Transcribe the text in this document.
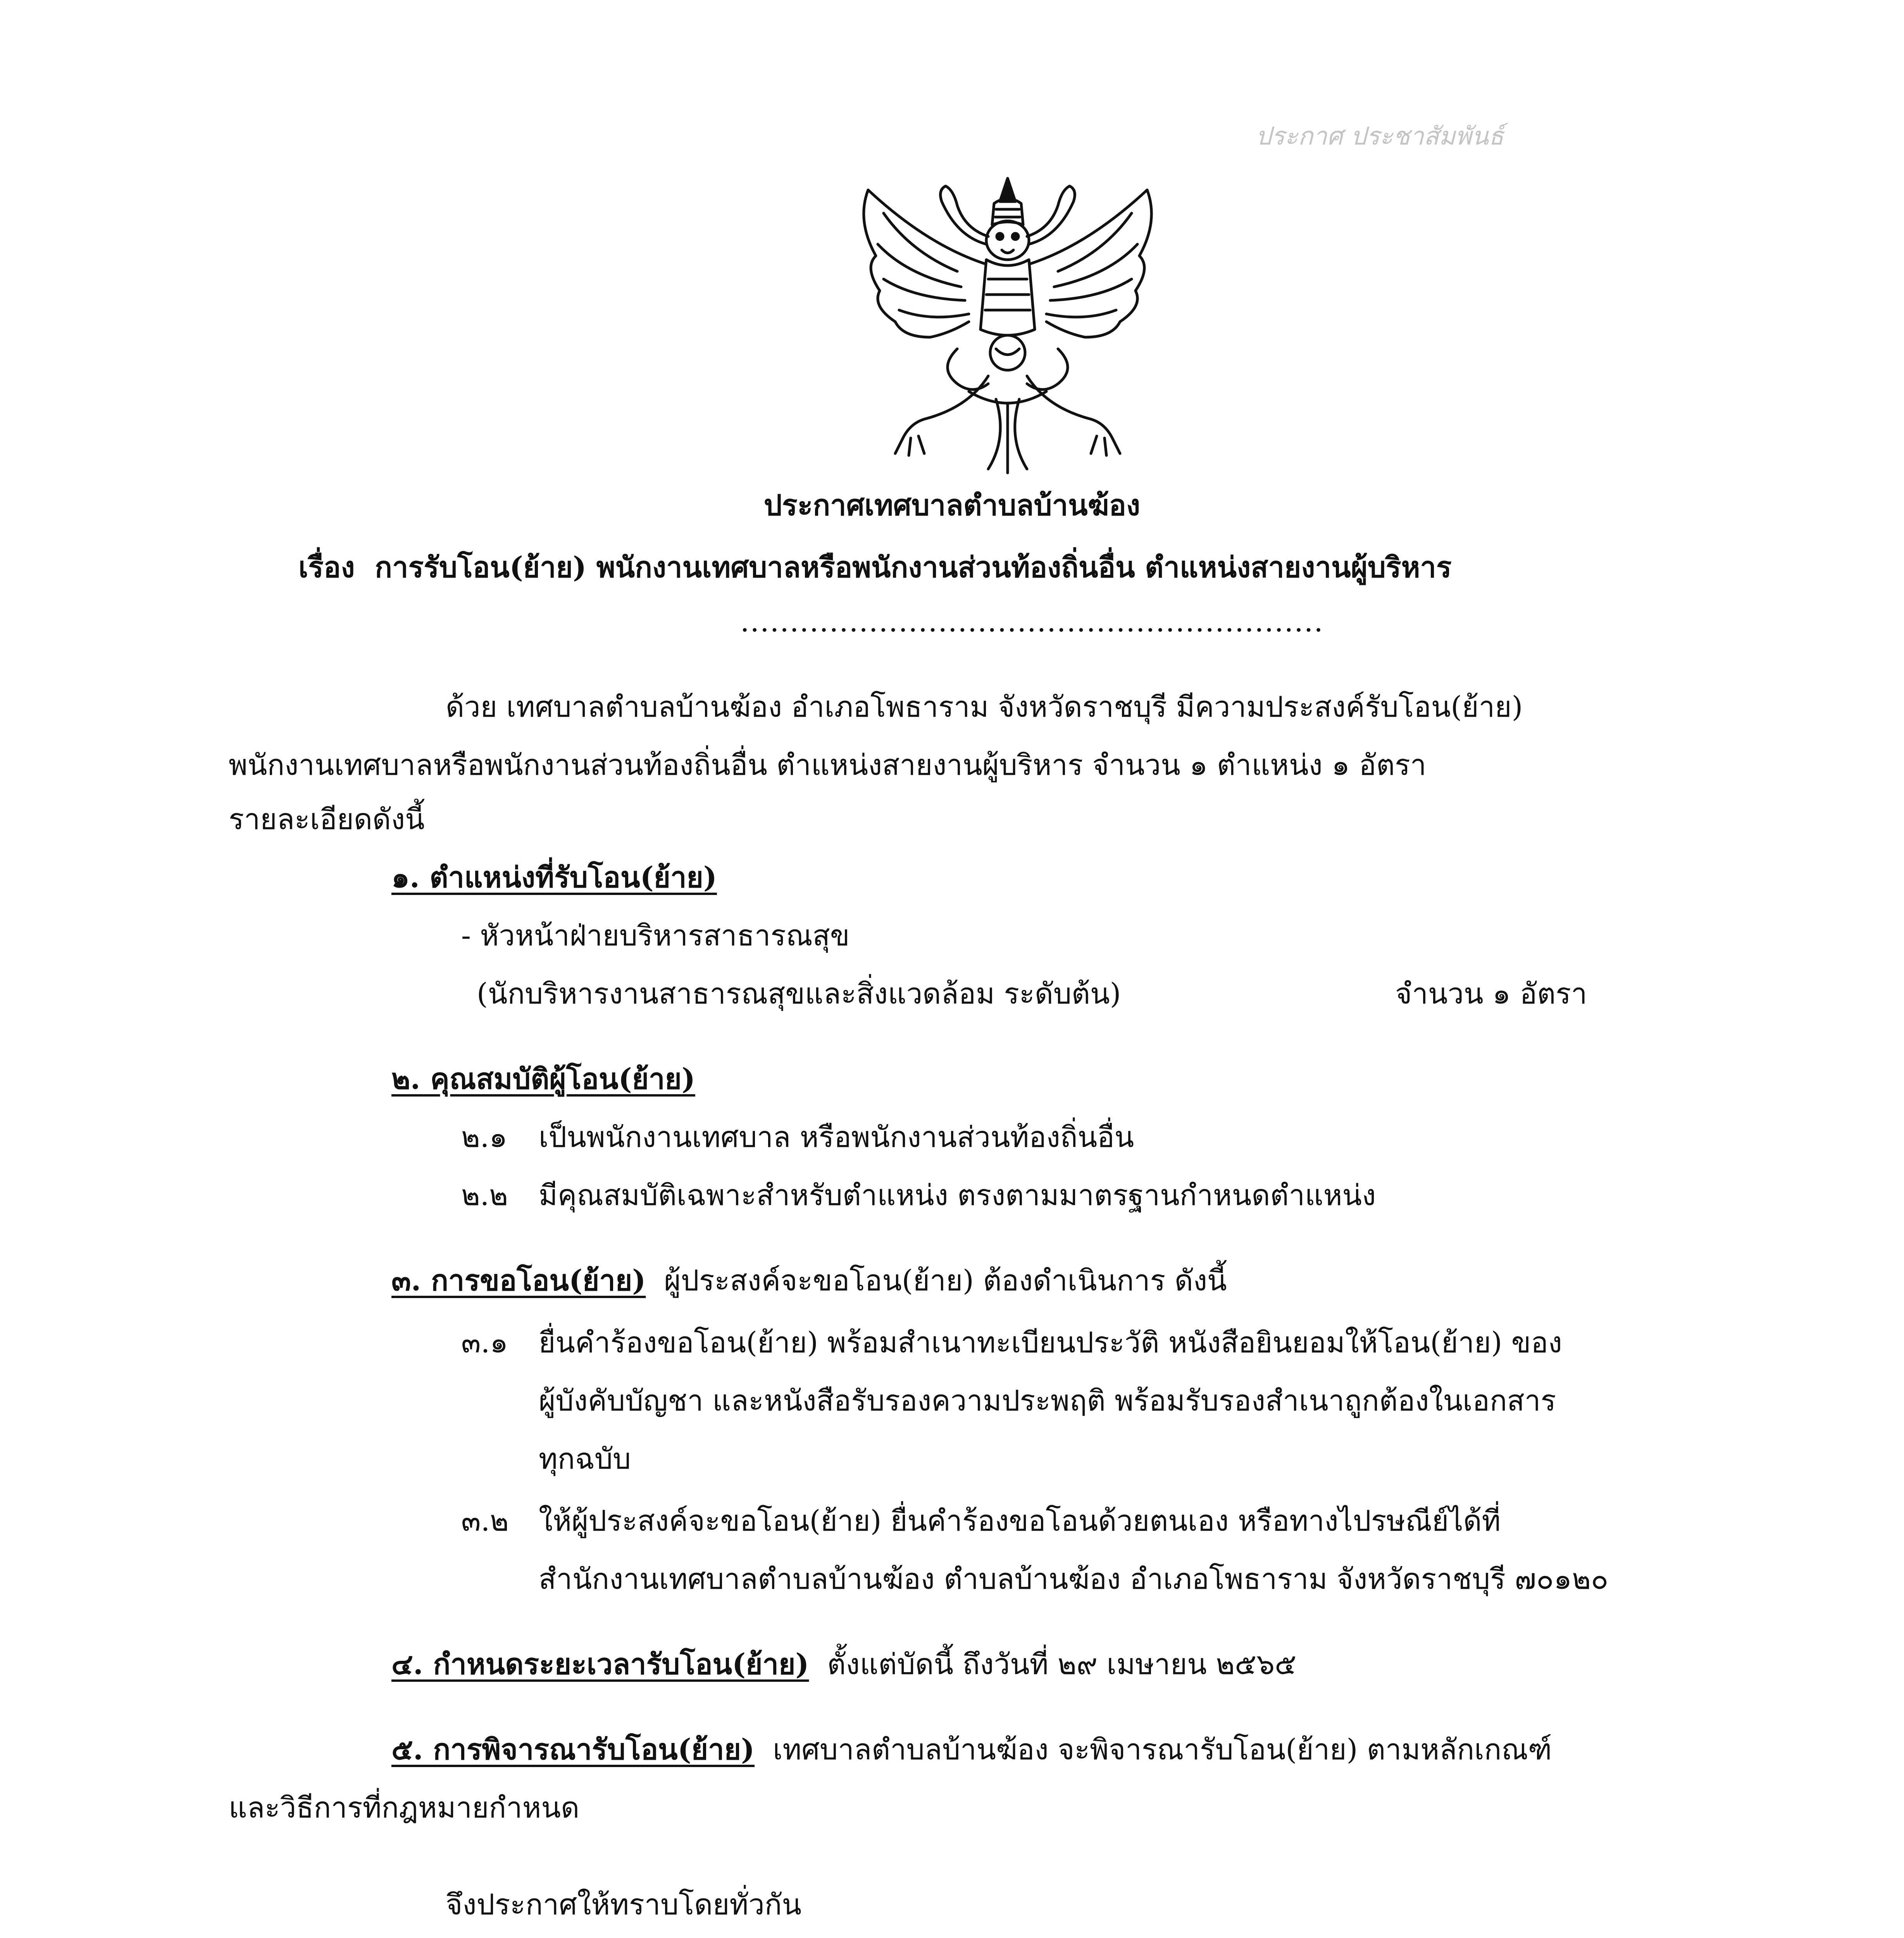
ประกาศ ประชาสัมพันธ์
ประกาศเทศบาลตำบลบ้านฆ้อง
เรื่อง การรับโอน(ย้าย) พนักงานเทศบาลหรือพนักงานส่วนท้องถิ่นอื่น ตำแหน่งสายงานผู้บริหาร
...........................................................
ด้วย เทศบาลตำบลบ้านฆ้อง อำเภอโพธาราม จังหวัดราชบุรี มีความประสงค์รับโอน(ย้าย)
พนักงานเทศบาลหรือพนักงานส่วนท้องถิ่นอื่น ตำแหน่งสายงานผู้บริหาร จำนวน ๑ ตำแหน่ง ๑ อัตรา
รายละเอียดดังนี้
๑. ตำแหน่งที่รับโอน(ย้าย)
- หัวหน้าฝ่ายบริหารสาธารณสุข
(นักบริหารงานสาธารณสุขและสิ่งแวดล้อม ระดับต้น)	จำนวน ๑ อัตรา
๒. คุณสมบัติผู้โอน(ย้าย)
๒.๑ เป็นพนักงานเทศบาล หรือพนักงานส่วนท้องถิ่นอื่น
๒.๒ มีคุณสมบัติเฉพาะสำหรับตำแหน่ง ตรงตามมาตรฐานกำหนดตำแหน่ง
๓. การขอโอน(ย้าย) ผู้ประสงค์จะขอโอน(ย้าย) ต้องดำเนินการ ดังนี้
๓.๑ ยื่นคำร้องขอโอน(ย้าย) พร้อมสำเนาทะเบียนประวัติ หนังสือยินยอมให้โอน(ย้าย) ของ
ผู้บังคับบัญชา และหนังสือรับรองความประพฤติ พร้อมรับรองสำเนาถูกต้องในเอกสาร
ทุกฉบับ
๓.๒ ให้ผู้ประสงค์จะขอโอน(ย้าย) ยื่นคำร้องขอโอนด้วยตนเอง หรือทางไปรษณีย์ได้ที่
สำนักงานเทศบาลตำบลบ้านฆ้อง ตำบลบ้านฆ้อง อำเภอโพธาราม จังหวัดราชบุรี ๗๐๑๒๐
๔. กำหนดระยะเวลารับโอน(ย้าย) ตั้งแต่บัดนี้ ถึงวันที่ ๒๙ เมษายน ๒๕๖๕
๕. การพิจารณารับโอน(ย้าย) เทศบาลตำบลบ้านฆ้อง จะพิจารณารับโอน(ย้าย) ตามหลักเกณฑ์
และวิธีการที่กฎหมายกำหนด
จึงประกาศให้ทราบโดยทั่วกัน
